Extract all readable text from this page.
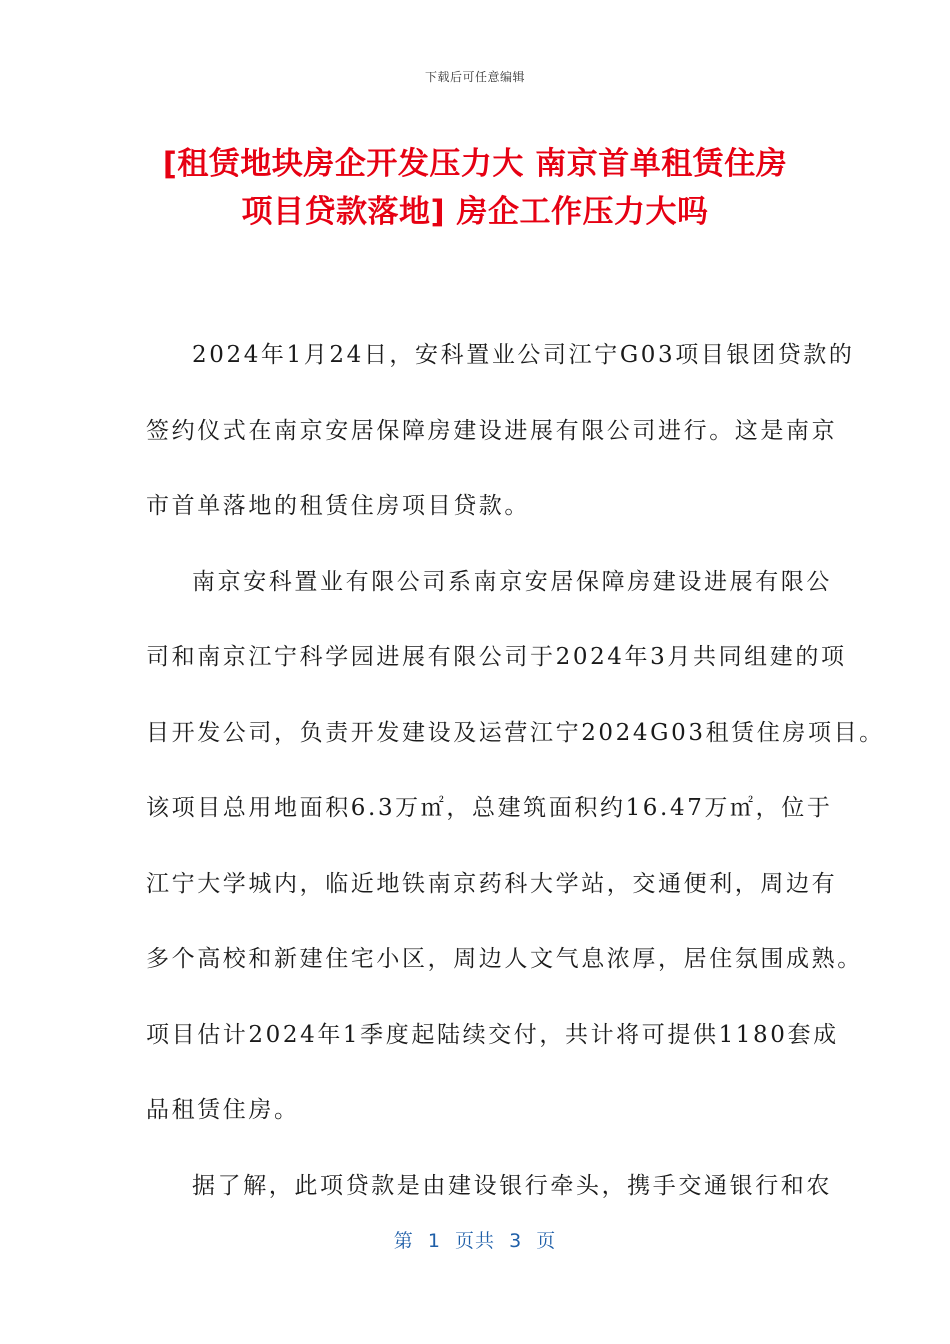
下载后可任意编辑
[租赁地块房企开发压力大 南京首单租赁住房
项目贷款落地] 房企工作压力大吗
2024年1月24日，安科置业公司江宁G03项目银团贷款的
签约仪式在南京安居保障房建设进展有限公司进行。这是南京
市首单落地的租赁住房项目贷款。
南京安科置业有限公司系南京安居保障房建设进展有限公
司和南京江宁科学园进展有限公司于2024年3月共同组建的项
目开发公司，负责开发建设及运营江宁2024G03租赁住房项目。
该项目总用地面积6.3万㎡，总建筑面积约16.47万㎡，位于
江宁大学城内，临近地铁南京药科大学站，交通便利，周边有
多个高校和新建住宅小区，周边人文气息浓厚，居住氛围成熟。
项目估计2024年1季度起陆续交付，共计将可提供1180套成
品租赁住房。
据了解，此项贷款是由建设银行牵头，携手交通银行和农
第  1  页共  3  页
